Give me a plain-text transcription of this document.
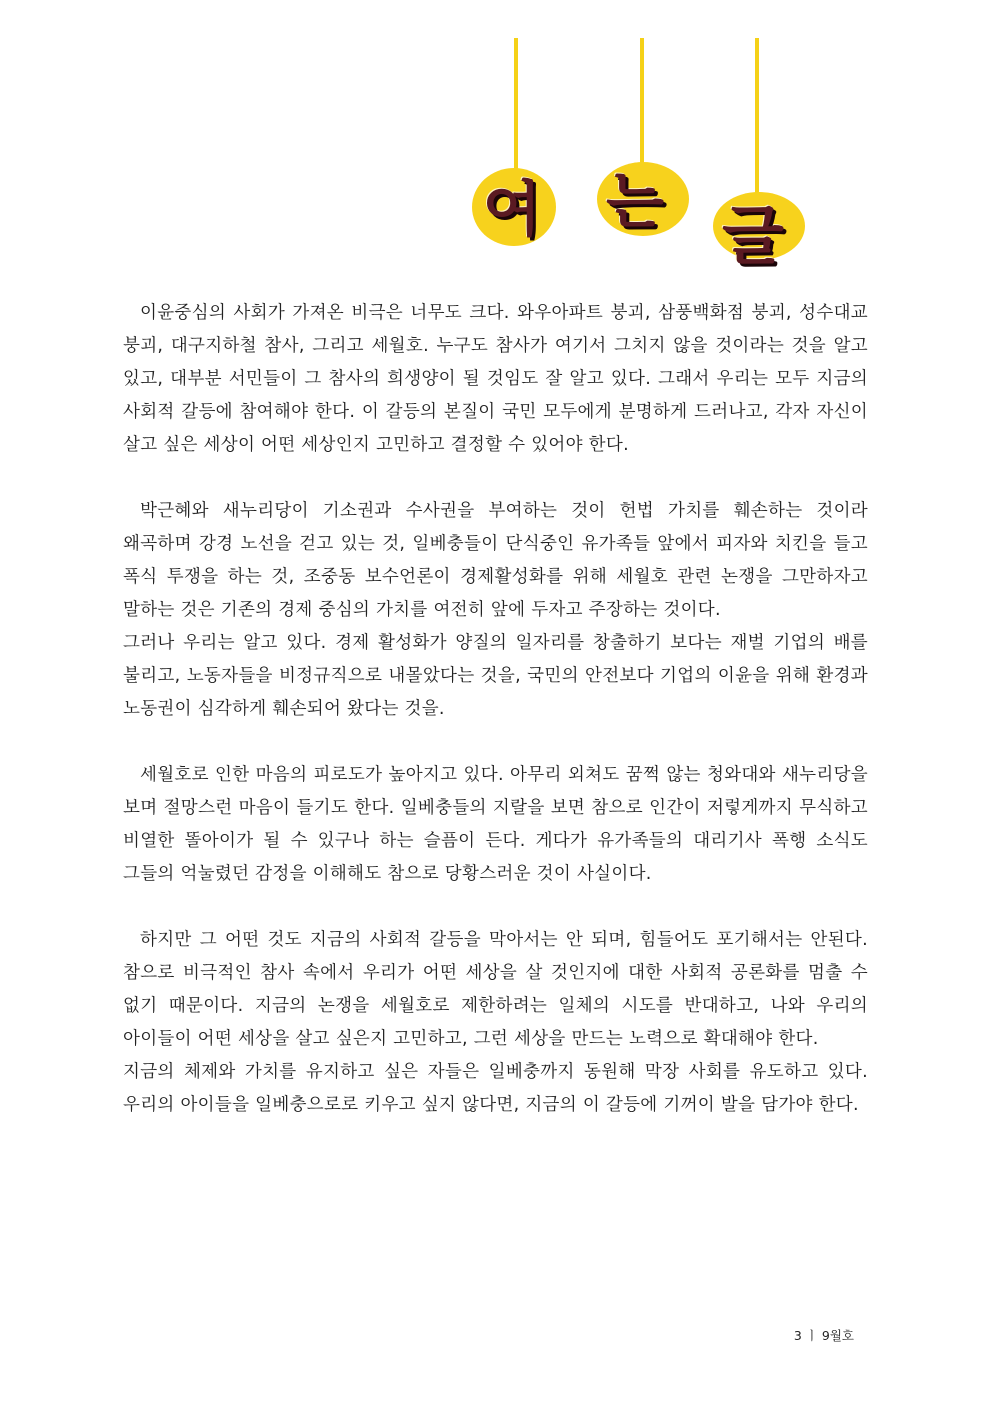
여 는 글

이윤중심의 사회가 가져온 비극은 너무도 크다. 와우아파트 붕괴, 삼풍백화점 붕괴, 성수대교 붕괴, 대구지하철 참사, 그리고 세월호. 누구도 참사가 여기서 그치지 않을 것이라는 것을 알고 있고, 대부분 서민들이 그 참사의 희생양이 될 것임도 잘 알고 있다. 그래서 우리는 모두 지금의 사회적 갈등에 참여해야 한다. 이 갈등의 본질이 국민 모두에게 분명하게 드러나고, 각자 자신이 살고 싶은 세상이 어떤 세상인지 고민하고 결정할 수 있어야 한다.

박근혜와 새누리당이 기소권과 수사권을 부여하는 것이 헌법 가치를 훼손하는 것이라 왜곡하며 강경 노선을 걷고 있는 것, 일베충들이 단식중인 유가족들 앞에서 피자와 치킨을 들고 폭식 투쟁을 하는 것, 조중동 보수언론이 경제활성화를 위해 세월호 관련 논쟁을 그만하자고 말하는 것은 기존의 경제 중심의 가치를 여전히 앞에 두자고 주장하는 것이다.

그러나 우리는 알고 있다. 경제 활성화가 양질의 일자리를 창출하기 보다는 재벌 기업의 배를 불리고, 노동자들을 비정규직으로 내몰았다는 것을, 국민의 안전보다 기업의 이윤을 위해 환경과 노동권이 심각하게 훼손되어 왔다는 것을.

세월호로 인한 마음의 피로도가 높아지고 있다. 아무리 외쳐도 꿈쩍 않는 청와대와 새누리당을 보며 절망스런 마음이 들기도 한다. 일베충들의 지랄을 보면 참으로 인간이 저렇게까지 무식하고 비열한 똘아이가 될 수 있구나 하는 슬픔이 든다. 게다가 유가족들의 대리기사 폭행 소식도 그들의 억눌렸던 감정을 이해해도 참으로 당황스러운 것이 사실이다.

하지만 그 어떤 것도 지금의 사회적 갈등을 막아서는 안 되며, 힘들어도 포기해서는 안된다. 참으로 비극적인 참사 속에서 우리가 어떤 세상을 살 것인지에 대한 사회적 공론화를 멈출 수 없기 때문이다. 지금의 논쟁을 세월호로 제한하려는 일체의 시도를 반대하고, 나와 우리의 아이들이 어떤 세상을 살고 싶은지 고민하고, 그런 세상을 만드는 노력으로 확대해야 한다.

지금의 체제와 가치를 유지하고 싶은 자들은 일베충까지 동원해 막장 사회를 유도하고 있다. 우리의 아이들을 일베충으로로 키우고 싶지 않다면, 지금의 이 갈등에 기꺼이 발을 담가야 한다.

3 ㅣ 9월호
